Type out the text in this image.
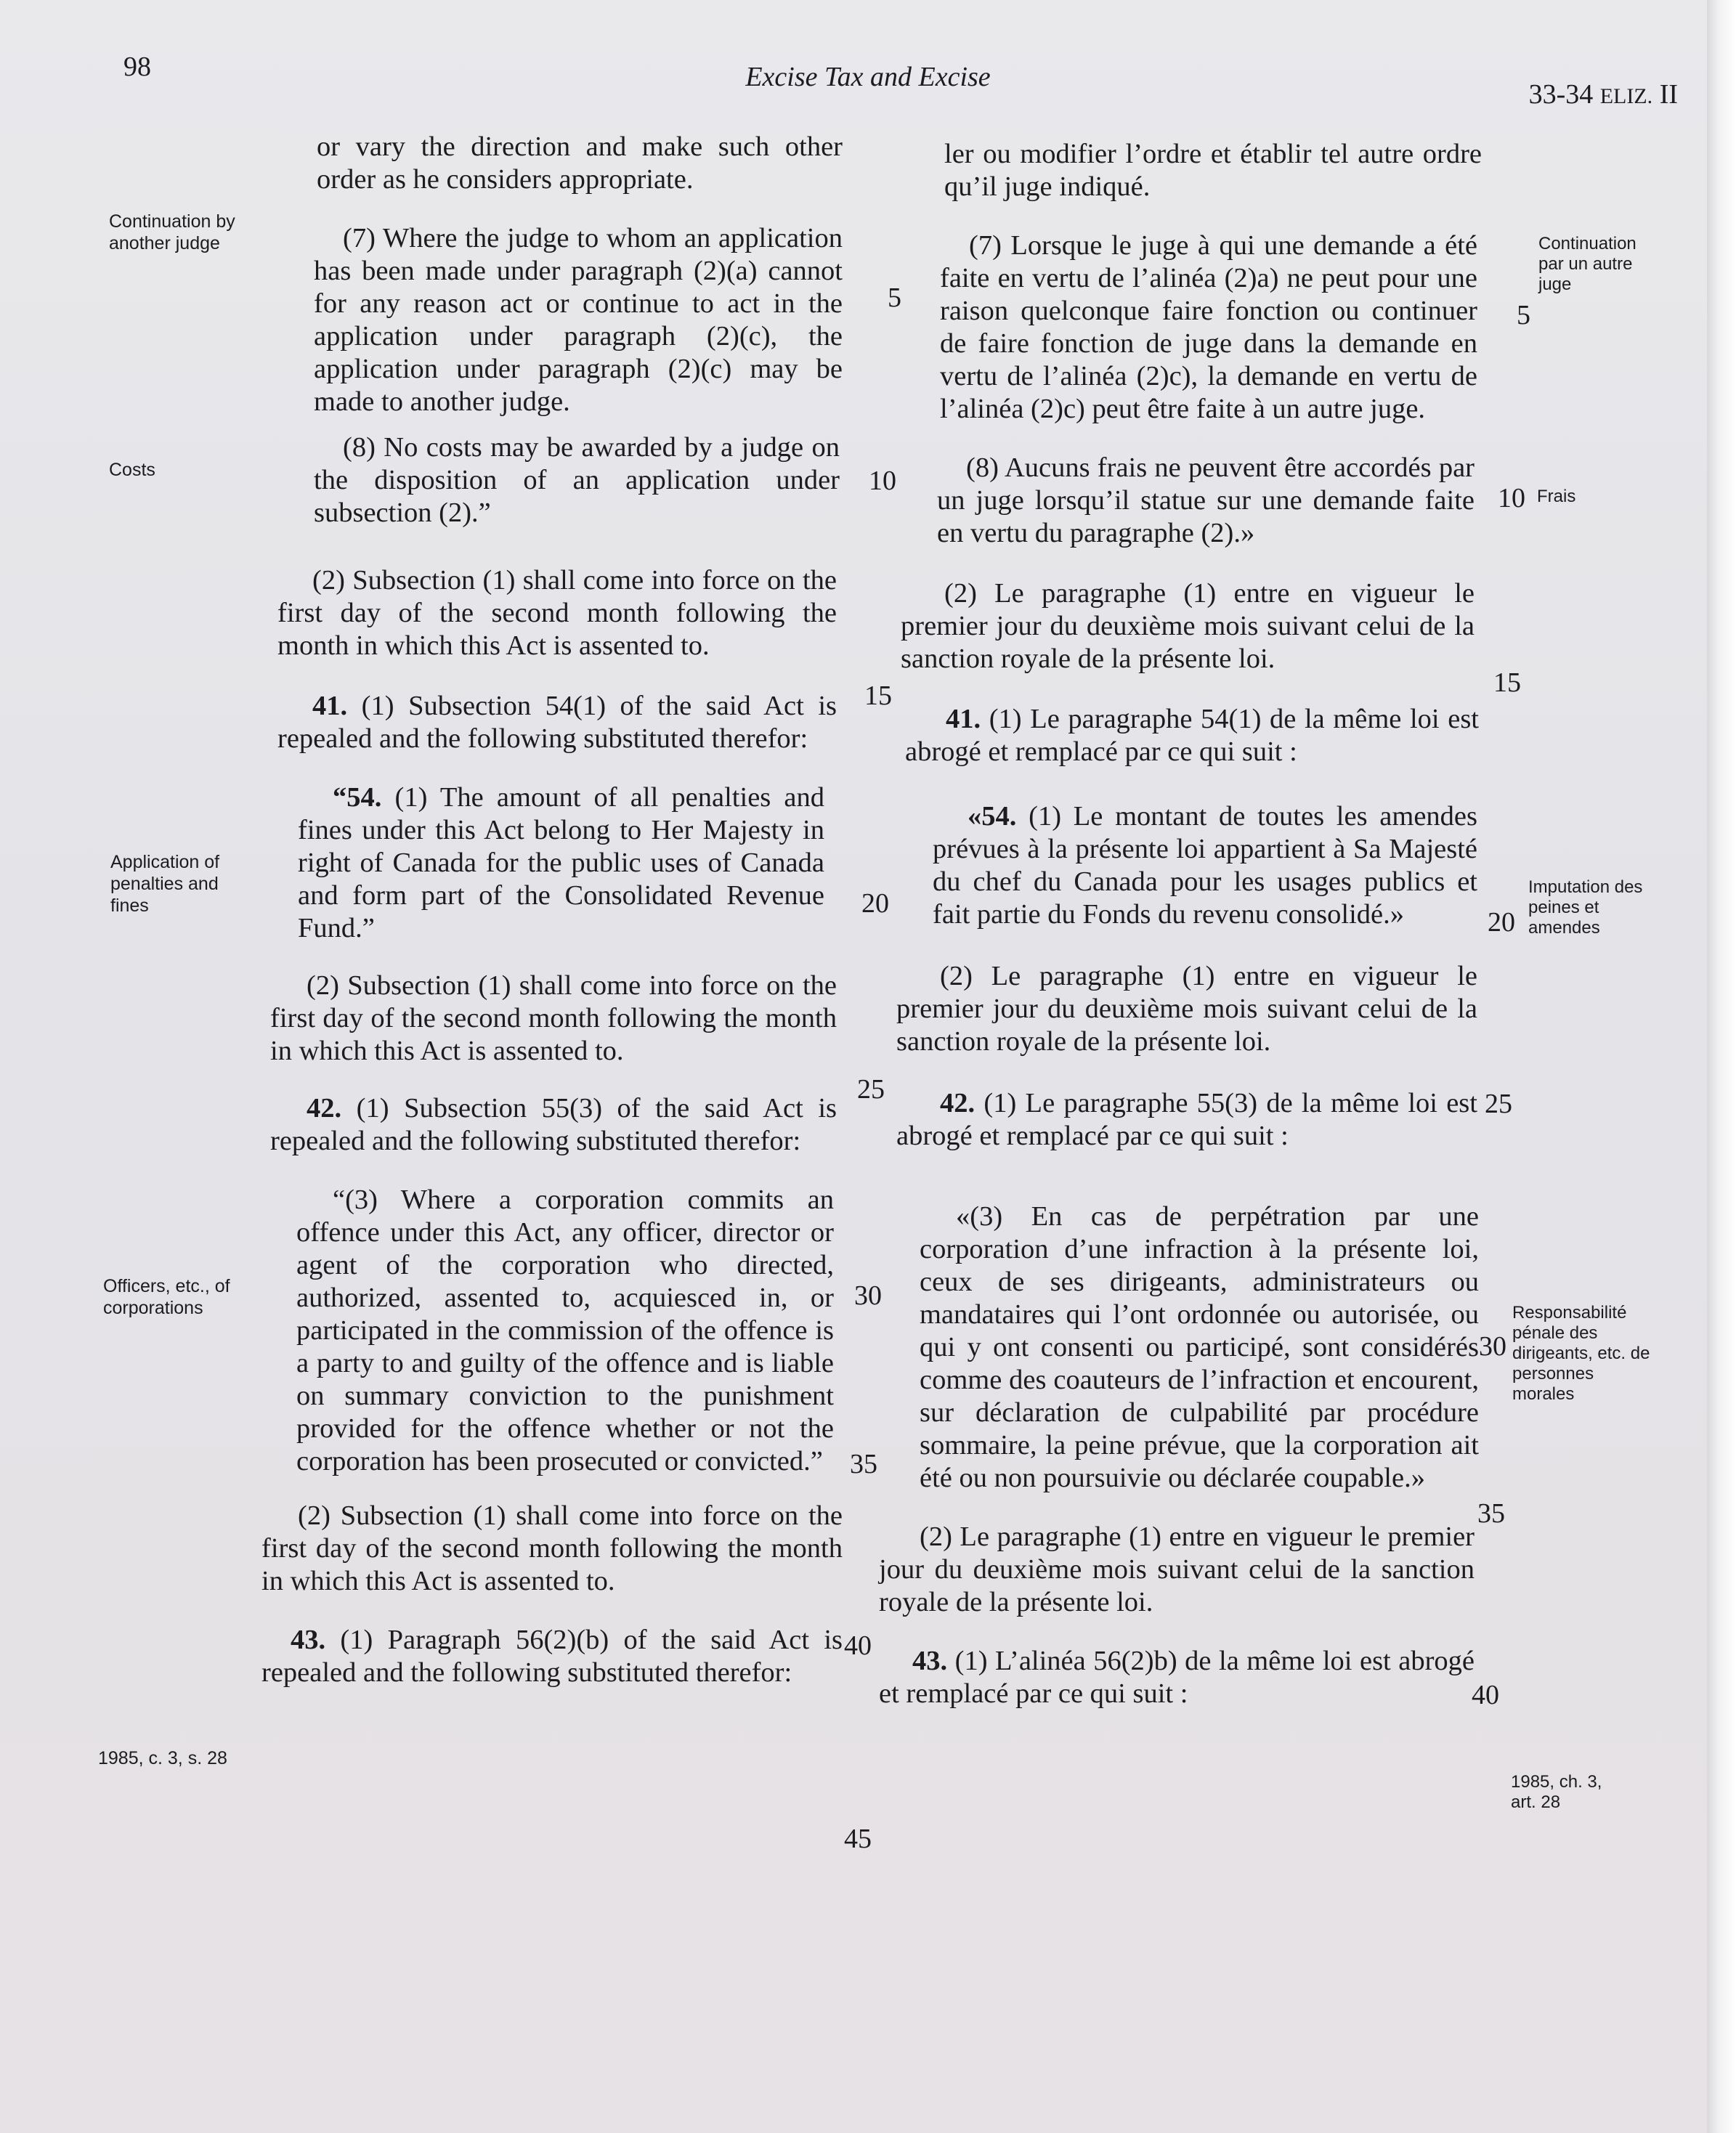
98	Excise Tax and Excise
33-34 ELIZ. II
Continuation by another judge
Costs
Application of penalties and fines
Officers, etc., of corporations
1985, c. 3, s. 28

or vary the direction and make such other order as he considers appropriate.

(7) Where the judge to whom an application has been made under paragraph (2)(a) cannot for any reason act or continue to act in the application under paragraph (2)(c), the application under paragraph (2)(c) may be made to another judge.

(8) No costs may be awarded by a judge on the disposition of an application under subsection (2).”

(2) Subsection (1) shall come into force on the first day of the second month following the month in which this Act is assented to.

41. (1) Subsection 54(1) of the said Act is repealed and the following substituted therefor:

“54. (1) The amount of all penalties and fines under this Act belong to Her Majesty in right of Canada for the public uses of Canada and form part of the Consolidated Revenue Fund.”

(2) Subsection (1) shall come into force on the first day of the second month following the month in which this Act is assented to.

42. (1) Subsection 55(3) of the said Act is repealed and the following substituted therefor:

“(3) Where a corporation commits an offence under this Act, any officer, director or agent of the corporation who directed, authorized, assented to, acquiesced in, or participated in the commission of the offence is a party to and guilty of the offence and is liable on summary conviction to the punishment provided for the offence whether or not the corporation has been prosecuted or convicted.”

(2) Subsection (1) shall come into force on the first day of the second month following the month in which this Act is assented to.

43. (1) Paragraph 56(2)(b) of the said Act is repealed and the following substituted therefor:

5
10
15
20
25
30
35
40
45

ler ou modifier l’ordre et établir tel autre ordre qu’il juge indiqué.

(7) Lorsque le juge à qui une demande a été faite en vertu de l’alinéa (2)a) ne peut pour une raison quelconque faire fonction ou continuer de faire fonction de juge dans la demande en vertu de l’alinéa (2)c), la demande en vertu de l’alinéa (2)c) peut être faite à un autre juge.

(8) Aucuns frais ne peuvent être accordés par un juge lorsqu’il statue sur une demande faite en vertu du paragraphe (2).»

(2) Le paragraphe (1) entre en vigueur le premier jour du deuxième mois suivant celui de la sanction royale de la présente loi.

41. (1) Le paragraphe 54(1) de la même loi est abrogé et remplacé par ce qui suit :

«54. (1) Le montant de toutes les amendes prévues à la présente loi appartient à Sa Majesté du chef du Canada pour les usages publics et fait partie du Fonds du revenu consolidé.»

(2) Le paragraphe (1) entre en vigueur le premier jour du deuxième mois suivant celui de la sanction royale de la présente loi.

42. (1) Le paragraphe 55(3) de la même loi est abrogé et remplacé par ce qui suit :

«(3) En cas de perpétration par une corporation d’une infraction à la présente loi, ceux de ses dirigeants, administrateurs ou mandataires qui l’ont ordonnée ou autorisée, ou qui y ont consenti ou participé, sont considérés comme des coauteurs de l’infraction et encourent, sur déclaration de culpabilité par procédure sommaire, la peine prévue, que la corporation ait été ou non poursuivie ou déclarée coupable.»

(2) Le paragraphe (1) entre en vigueur le premier jour du deuxième mois suivant celui de la sanction royale de la présente loi.

43. (1) L’alinéa 56(2)b) de la même loi est abrogé et remplacé par ce qui suit :

5
10
15
20
25
30
35
40
Continuation par un autre juge
Frais
Imputation des peines et amendes
Responsabilité pénale des dirigeants, etc. de personnes morales
1985, ch. 3, art. 28
